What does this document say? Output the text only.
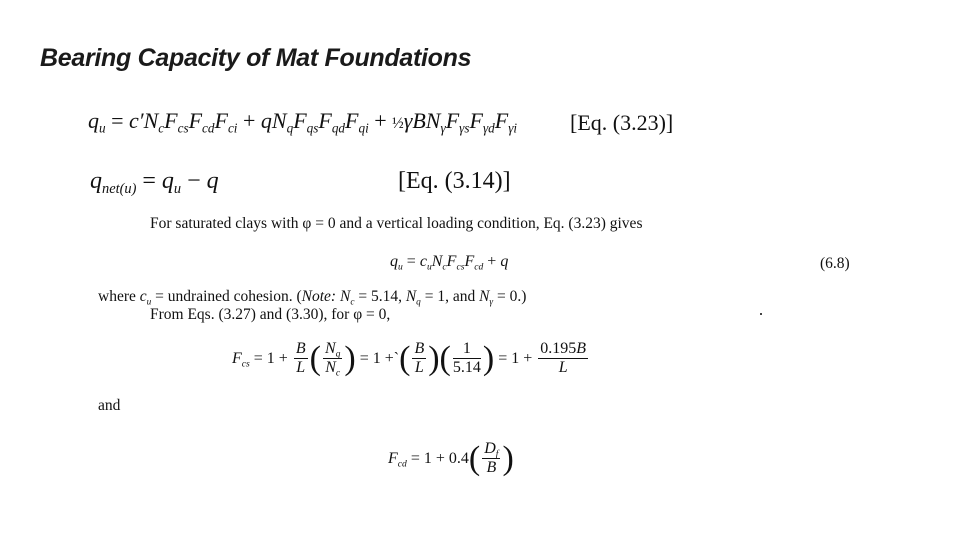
Bearing Capacity of Mat Foundations
$q_u = c'N_cF_{cs}F_{cd}F_{ci} + qN_qF_{qs}F_{qd}F_{qi}$ + $\frac{1}{2}\gamma BN_\gamma F_{\gamma s}F_{\gamma d}F_{\gamma i}$ [Eq. (3.23)]
$q_{net(u)} = q_u - q$	[Eq. (3.14)]
For saturated clays with φ = 0 and a vertical loading condition, Eq. (3.23) gives
$q_u = c_uN_cF_{cs}F_{cd} + q$	(6.8)
where $c_u$ = undrained cohesion. (Note: $N_c = 5.14$, $N_q = 1$, and $N_\gamma = 0$.)
From Eqs. (3.27) and (3.30), for φ = 0,
$F_{cs} = 1 + \frac{B}{L}$ ( $\frac{N_q}{N_c}$ ) = 1 +` ( $\frac{B}{L}$ ) ( $\frac{1}{5.14}$ ) = $1 + \frac{0.195B}{L}$
and
$F_{cd} = 1 + 0.4$ ( $\frac{D_f}{B}$ )
